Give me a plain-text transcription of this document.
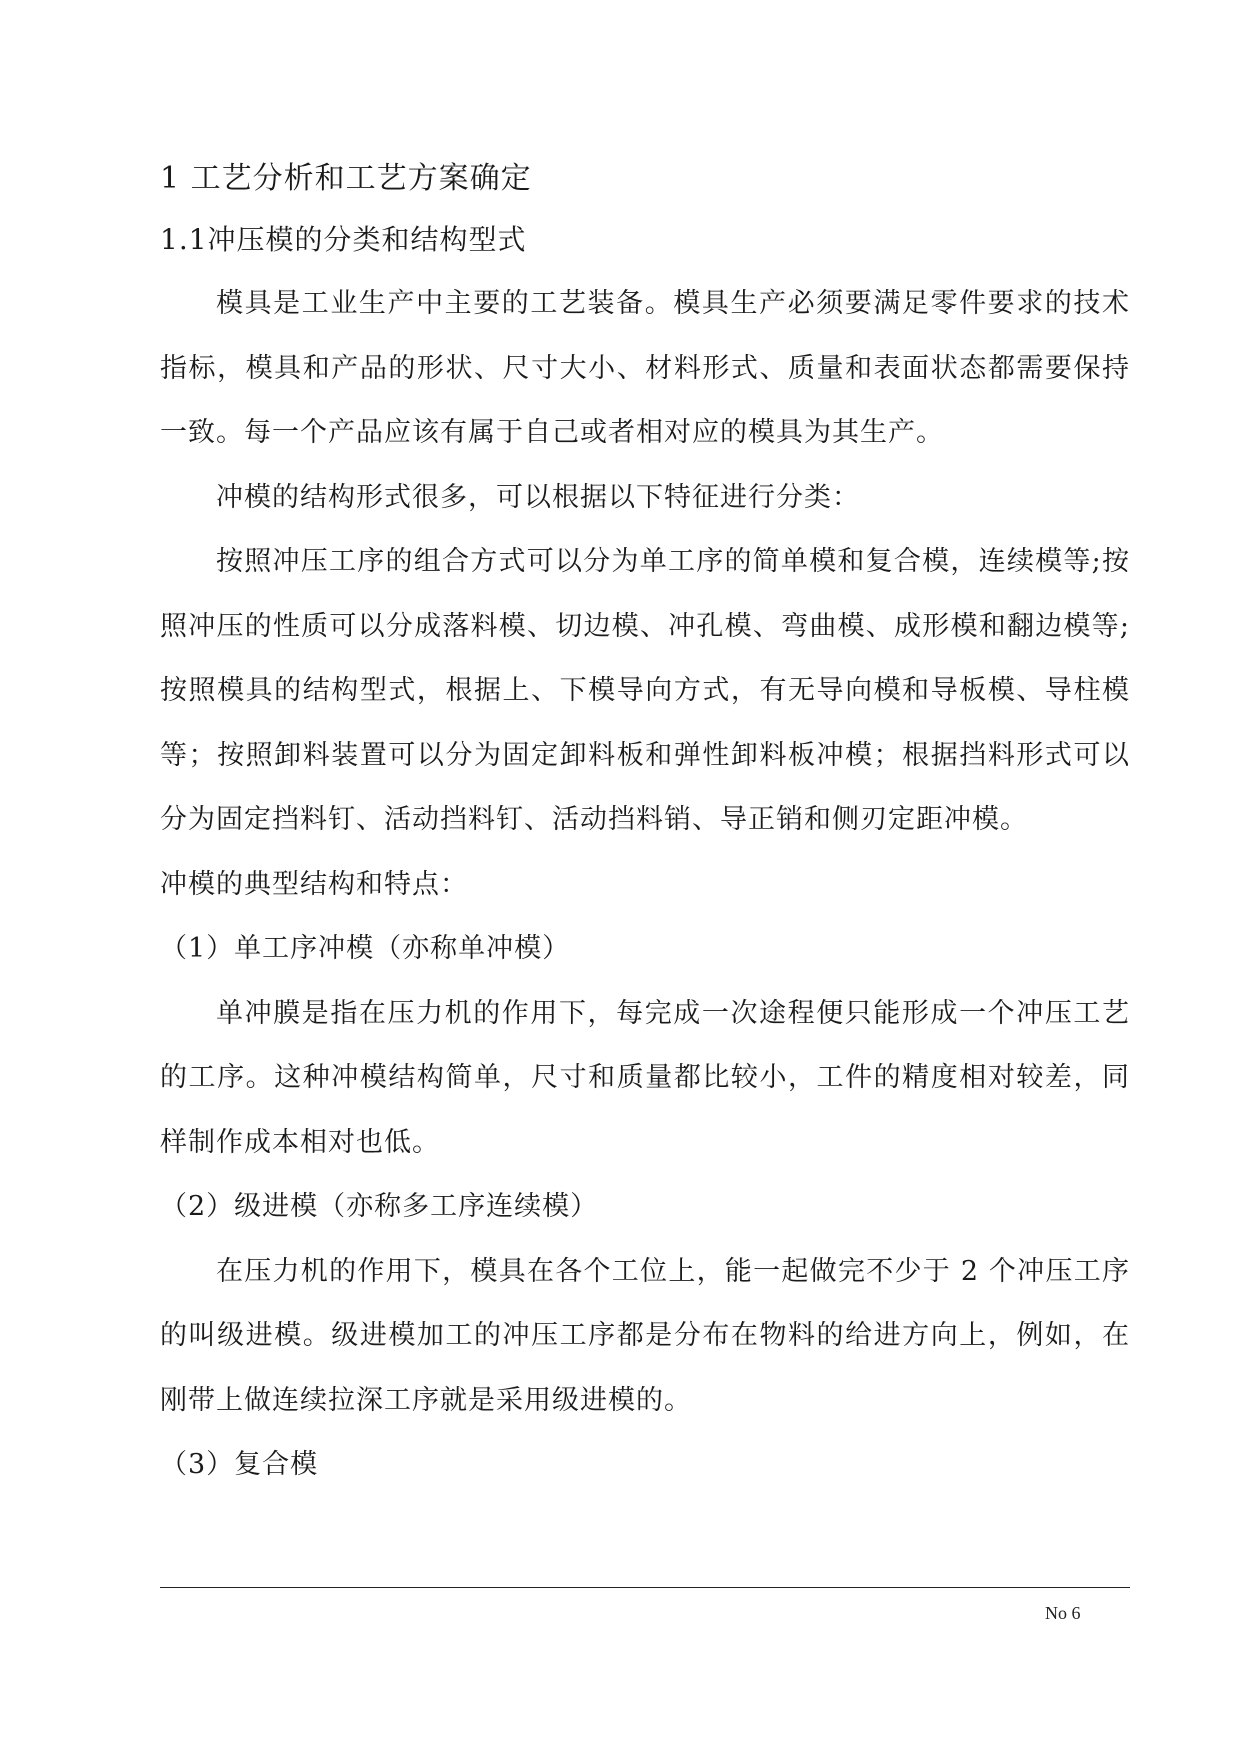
1 工艺分析和工艺方案确定
1.1冲压模的分类和结构型式

模具是工业生产中主要的工艺装备。模具生产必须要满足零件要求的技术指标，模具和产品的形状、尺寸大小、材料形式、质量和表面状态都需要保持一致。每一个产品应该有属于自己或者相对应的模具为其生产。

冲模的结构形式很多，可以根据以下特征进行分类：

按照冲压工序的组合方式可以分为单工序的简单模和复合模，连续模等;按照冲压的性质可以分成落料模、切边模、冲孔模、弯曲模、成形模和翻边模等;按照模具的结构型式，根据上、下模导向方式，有无导向模和导板模、导柱模等；按照卸料装置可以分为固定卸料板和弹性卸料板冲模；根据挡料形式可以分为固定挡料钉、活动挡料钉、活动挡料销、导正销和侧刃定距冲模。

冲模的典型结构和特点：

（1）单工序冲模（亦称单冲模）

单冲膜是指在压力机的作用下，每完成一次途程便只能形成一个冲压工艺的工序。这种冲模结构简单，尺寸和质量都比较小，工件的精度相对较差，同样制作成本相对也低。

（2）级进模（亦称多工序连续模）

在压力机的作用下，模具在各个工位上，能一起做完不少于 2 个冲压工序的叫级进模。级进模加工的冲压工序都是分布在物料的给进方向上，例如，在刚带上做连续拉深工序就是采用级进模的。

（3）复合模

No 6
